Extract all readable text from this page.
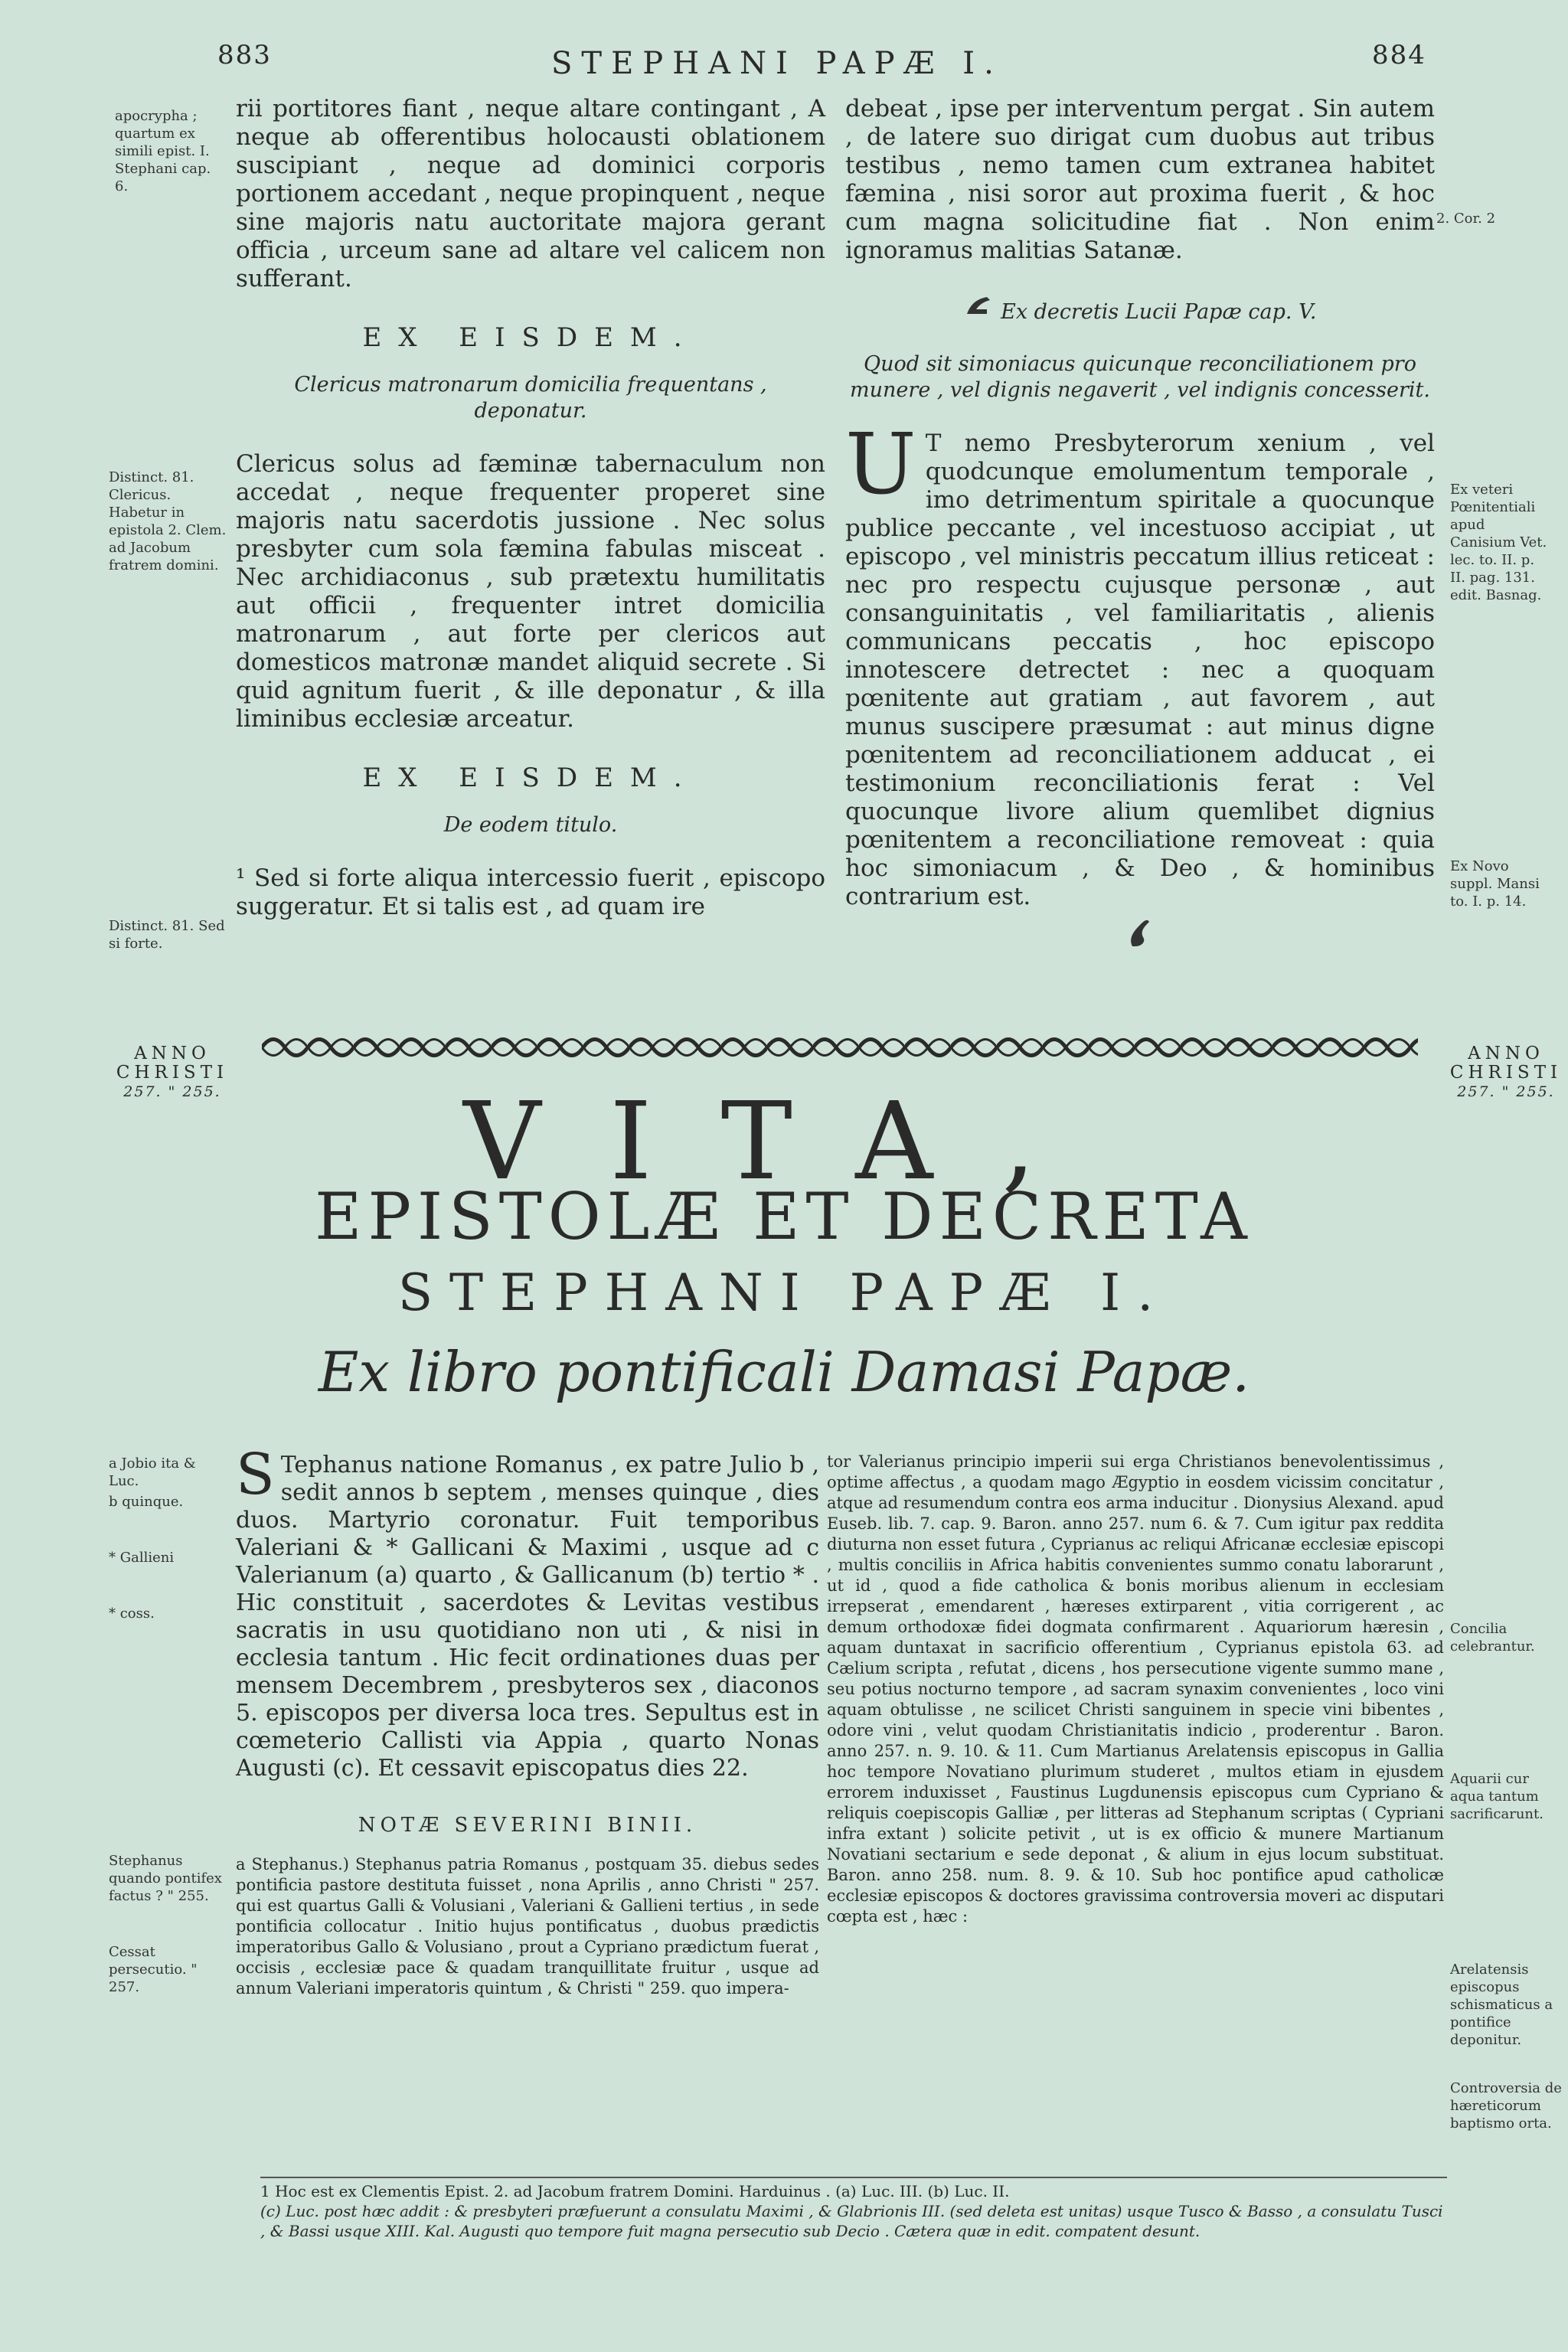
883	STEPHANI PAPÆ I.	884
apocrypha ; quartum ex simili epist. I. Stephani cap. 6.
Distinct. 81. Clericus. Habetur in epistola 2. Clem. ad Jacobum fratrem domini.
Distinct. 81. Sed si forte.
2. Cor. 2
Ex veteri Pœnitentiali apud Canisium Vet. lec. to. II. p. II. pag. 131. edit. Basnag.
Ex Novo suppl. Mansi to. I. p. 14.

rii portitores fiant , neque altare contingant , A neque ab offerentibus holocausti oblationem suscipiant , neque ad dominici corporis portionem accedant , neque propinquent , neque sine majoris natu auctoritate majora gerant officia , urceum sane ad altare vel calicem non sufferant.

EX EISDEM.
Clericus matronarum domicilia frequentans , deponatur.

Clericus solus ad fæminæ tabernaculum non accedat , neque frequenter properet sine majoris natu sacerdotis jussione . Nec solus presbyter cum sola fæmina fabulas misceat . Nec archidiaconus , sub prætextu humilitatis aut officii , frequenter intret domicilia matronarum , aut forte per clericos aut domesticos matronæ mandet aliquid secrete . Si quid agnitum fuerit , & ille deponatur , & illa liminibus ecclesiæ arceatur.

EX EISDEM.
De eodem titulo.

¹ Sed si forte aliqua intercessio fuerit , episcopo suggeratur. Et si talis est , ad quam ire

debeat , ipse per interventum pergat . Sin autem , de latere suo dirigat cum duobus aut tribus testibus , nemo tamen cum extranea habitet fæmina , nisi soror aut proxima fuerit , & hoc cum magna solicitudine fiat . Non enim ignoramus malitias Satanæ.

Ex decretis Lucii Papæ cap. V.
Quod sit simoniacus quicunque reconciliationem pro munere , vel dignis negaverit , vel indignis concesserit.

U T nemo Presbyterorum xenium , vel quodcunque emolumentum temporale , imo detrimentum spiritale a quocunque publice peccante , vel incestuoso accipiat , ut episcopo , vel ministris peccatum illius reticeat : nec pro respectu cujusque personæ , aut consanguinitatis , vel familiaritatis , alienis communicans peccatis , hoc episcopo innotescere detrectet : nec a quoquam pœnitente aut gratiam , aut favorem , aut munus suscipere præsumat : aut minus digne pœnitentem ad reconciliationem adducat , ei testimonium reconciliationis ferat : Vel quocunque livore alium quemlibet dignius pœnitentem a reconciliatione removeat : quia hoc simoniacum , & Deo , & hominibus contrarium est.

ANNO CHRISTI
257. " 255.
ANNO CHRISTI
257. " 255.
VITA,
EPISTOLÆ ET DECRETA
STEPHANI PAPÆ I.
Ex libro pontificali Damasi Papæ.

a Jobio ita & Luc.

b quinque.

* Gallieni

* coss.

Stephanus quando pontifex factus ? " 255.

Cessat persecutio. " 257.

S Tephanus natione Romanus , ex patre Julio b , sedit annos b septem , menses quinque , dies duos. Martyrio coronatur. Fuit temporibus Valeriani & * Gallicani & Maximi , usque ad c Valerianum (a) quarto , & Gallicanum (b) tertio * . Hic constituit , sacerdotes & Levitas vestibus sacratis in usu quotidiano non uti , & nisi in ecclesia tantum . Hic fecit ordinationes duas per mensem Decembrem , presbyteros sex , diaconos 5. episcopos per diversa loca tres. Sepultus est in cœmeterio Callisti via Appia , quarto Nonas Augusti (c). Et cessavit episcopatus dies 22.

NOTÆ SEVERINI BINII.

a Stephanus.) Stephanus patria Romanus , postquam 35. diebus sedes pontificia pastore destituta fuisset , nona Aprilis , anno Christi " 257. qui est quartus Galli & Volusiani , Valeriani & Gallieni tertius , in sede pontificia collocatur . Initio hujus pontificatus , duobus prædictis imperatoribus Gallo & Volusiano , prout a Cypriano prædictum fuerat , occisis , ecclesiæ pace & quadam tranquillitate fruitur , usque ad annum Valeriani imperatoris quintum , & Christi " 259. quo impera-

tor Valerianus principio imperii sui erga Christianos benevolentissimus , optime affectus , a quodam mago Ægyptio in eosdem vicissim concitatur , atque ad resumendum contra eos arma inducitur . Dionysius Alexand. apud Euseb. lib. 7. cap. 9. Baron. anno 257. num 6. & 7. Cum igitur pax reddita diuturna non esset futura , Cyprianus ac reliqui Africanæ ecclesiæ episcopi , multis conciliis in Africa habitis convenientes summo conatu laborarunt , ut id , quod a fide catholica & bonis moribus alienum in ecclesiam irrepserat , emendarent , hæreses extirparent , vitia corrigerent , ac demum orthodoxæ fidei dogmata confirmarent . Aquariorum hæresin , aquam duntaxat in sacrificio offerentium , Cyprianus epistola 63. ad Cælium scripta , refutat , dicens , hos persecutione vigente summo mane , seu potius nocturno tempore , ad sacram synaxim convenientes , loco vini aquam obtulisse , ne scilicet Christi sanguinem in specie vini bibentes , odore vini , velut quodam Christianitatis indicio , proderentur . Baron. anno 257. n. 9. 10. & 11. Cum Martianus Arelatensis episcopus in Gallia hoc tempore Novatiano plurimum studeret , multos etiam in ejusdem errorem induxisset , Faustinus Lugdunensis episcopus cum Cypriano & reliquis coepiscopis Galliæ , per litteras ad Stephanum scriptas ( Cypriani infra extant ) solicite petivit , ut is ex officio & munere Martianum Novatiani sectarium e sede deponat , & alium in ejus locum substituat. Baron. anno 258. num. 8. 9. & 10. Sub hoc pontifice apud catholicæ ecclesiæ episcopos & doctores gravissima controversia moveri ac disputari cœpta est , hæc :

Concilia celebrantur.

Aquarii cur aqua tantum sacrificarunt.

Arelatensis episcopus schismaticus a pontifice deponitur.

Controversia de hæreticorum baptismo orta.

1 Hoc est ex Clementis Epist. 2. ad Jacobum fratrem Domini. Harduinus . (a) Luc. III. (b) Luc. II.
(c) Luc. post hæc addit : & presbyteri præfuerunt a consulatu Maximi , & Glabrionis III. (sed deleta est unitas) usque Tusco & Basso , a consulatu Tusci , & Bassi usque XIII. Kal. Augusti quo tempore fuit magna persecutio sub Decio . Cætera quæ in edit. compatent desunt.
